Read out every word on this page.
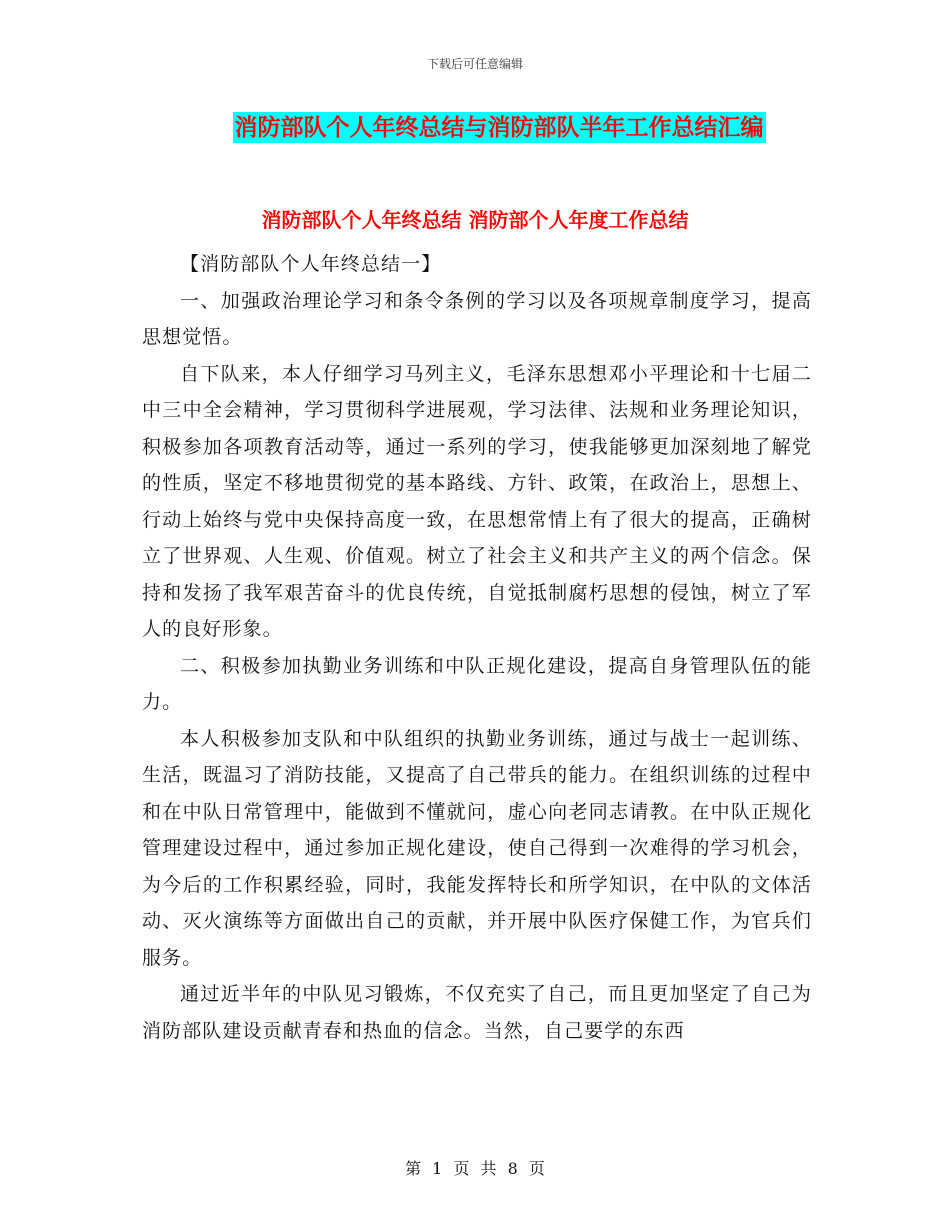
下载后可任意编辑
消防部队个人年终总结与消防部队半年工作总结汇编
消防部队个人年终总结 消防部个人年度工作总结

【消防部队个人年终总结一】

一、加强政治理论学习和条令条例的学习以及各项规章制度学习，提高思想觉悟。

自下队来，本人仔细学习马列主义，毛泽东思想邓小平理论和十七届二中三中全会精神，学习贯彻科学进展观，学习法律、法规和业务理论知识，积极参加各项教育活动等，通过一系列的学习，使我能够更加深刻地了解党的性质，坚定不移地贯彻党的基本路线、方针、政策，在政治上，思想上、行动上始终与党中央保持高度一致，在思想常情上有了很大的提高，正确树立了世界观、人生观、价值观。树立了社会主义和共产主义的两个信念。保持和发扬了我军艰苦奋斗的优良传统，自觉抵制腐朽思想的侵蚀，树立了军人的良好形象。

二、积极参加执勤业务训练和中队正规化建设，提高自身管理队伍的能力。

本人积极参加支队和中队组织的执勤业务训练，通过与战士一起训练、生活，既温习了消防技能，又提高了自己带兵的能力。在组织训练的过程中和在中队日常管理中，能做到不懂就问，虚心向老同志请教。在中队正规化管理建设过程中，通过参加正规化建设，使自己得到一次难得的学习机会，为今后的工作积累经验，同时，我能发挥特长和所学知识，在中队的文体活动、灭火演练等方面做出自己的贡献，并开展中队医疗保健工作，为官兵们服务。

通过近半年的中队见习锻炼，不仅充实了自己，而且更加坚定了自己为消防部队建设贡献青春和热血的信念。当然，自己要学的东西

第 1 页 共 8 页
